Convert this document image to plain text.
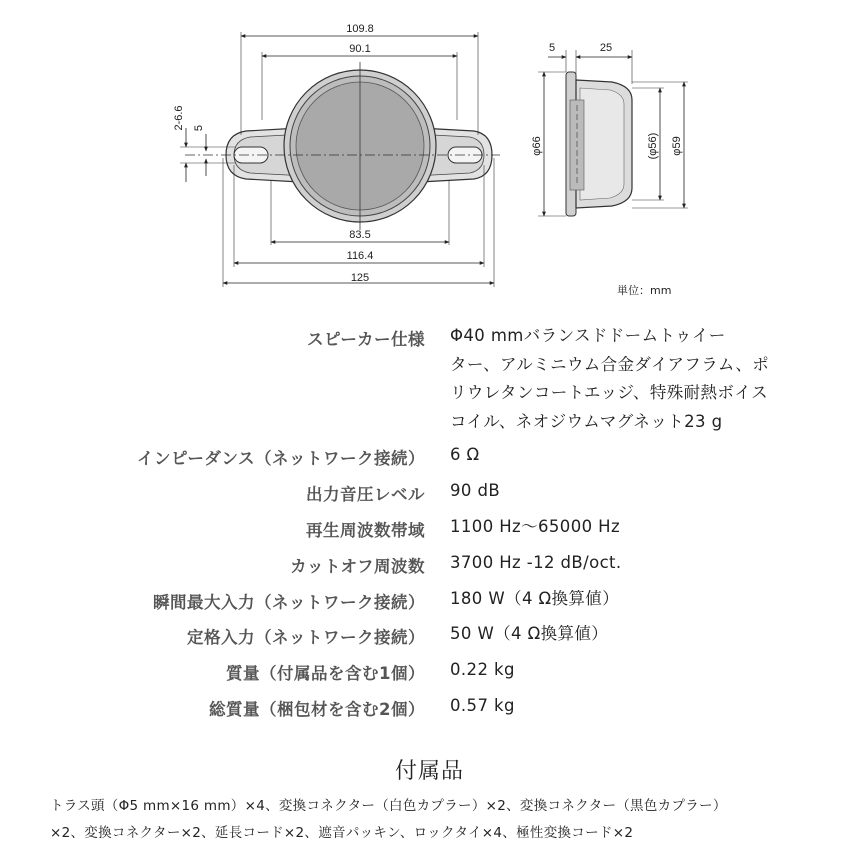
109.8
90.1
83.5
116.4
125
2-6.6 5
5	25
φ66	(φ56) φ59
単位：mm
スピーカー仕様 Φ40 mmバランスドドームトゥイー
ター、アルミニウム合金ダイアフラム、ポ
リウレタンコートエッジ、特殊耐熱ボイス
コイル、ネオジウムマグネット23 g
インピーダンス（ネットワーク接続） 6 Ω
出力音圧レベル 90 dB
再生周波数帯域 1100 Hz～65000 Hz
カットオフ周波数 3700 Hz -12 dB/oct.
瞬間最大入力（ネットワーク接続） 180 W（4 Ω換算値）
定格入力（ネットワーク接続） 50 W（4 Ω換算値）
質量（付属品を含む1個） 0.22 kg
総質量（梱包材を含む2個） 0.57 kg
付属品
トラス頭（Φ5 mm×16 mm）×4、変換コネクター（白色カプラー）×2、変換コネクター（黒色カプラー）
×2、変換コネクター×2、延長コード×2、遮音パッキン、ロックタイ×4、極性変換コード×2
